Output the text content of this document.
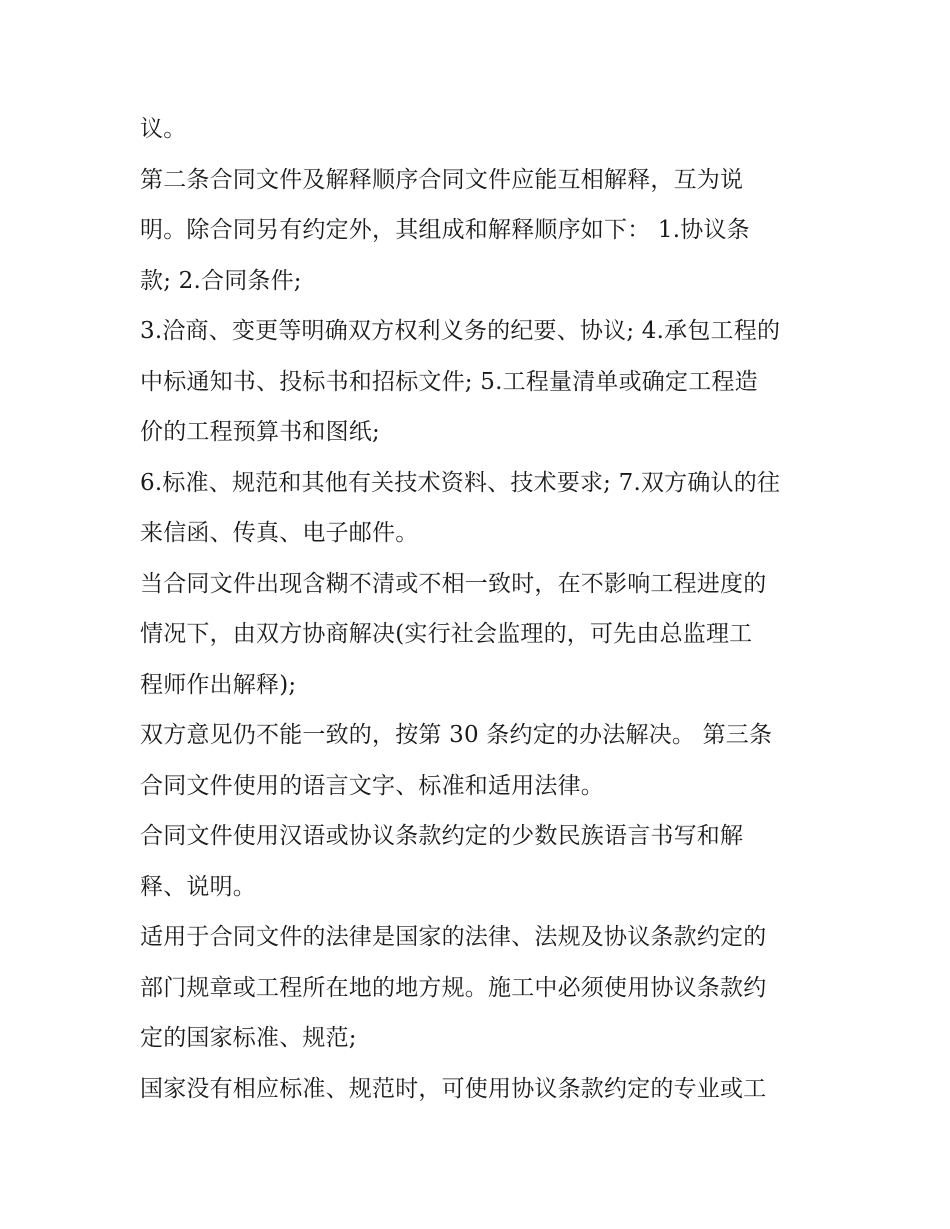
议。
第二条合同文件及解释顺序合同文件应能互相解释，互为说
明。除合同另有约定外，其组成和解释顺序如下： 1.协议条
款; 2.合同条件;
3.洽商、变更等明确双方权利义务的纪要、协议; 4.承包工程的
中标通知书、投标书和招标文件; 5.工程量清单或确定工程造
价的工程预算书和图纸;
6.标准、规范和其他有关技术资料、技术要求; 7.双方确认的往
来信函、传真、电子邮件。
当合同文件出现含糊不清或不相一致时，在不影响工程进度的
情况下，由双方协商解决(实行社会监理的，可先由总监理工
程师作出解释);
双方意见仍不能一致的，按第 30 条约定的办法解决。 第三条
合同文件使用的语言文字、标准和适用法律。
合同文件使用汉语或协议条款约定的少数民族语言书写和解
释、说明。
适用于合同文件的法律是国家的法律、法规及协议条款约定的
部门规章或工程所在地的地方规。施工中必须使用协议条款约
定的国家标准、规范;
国家没有相应标准、规范时，可使用协议条款约定的专业或工
